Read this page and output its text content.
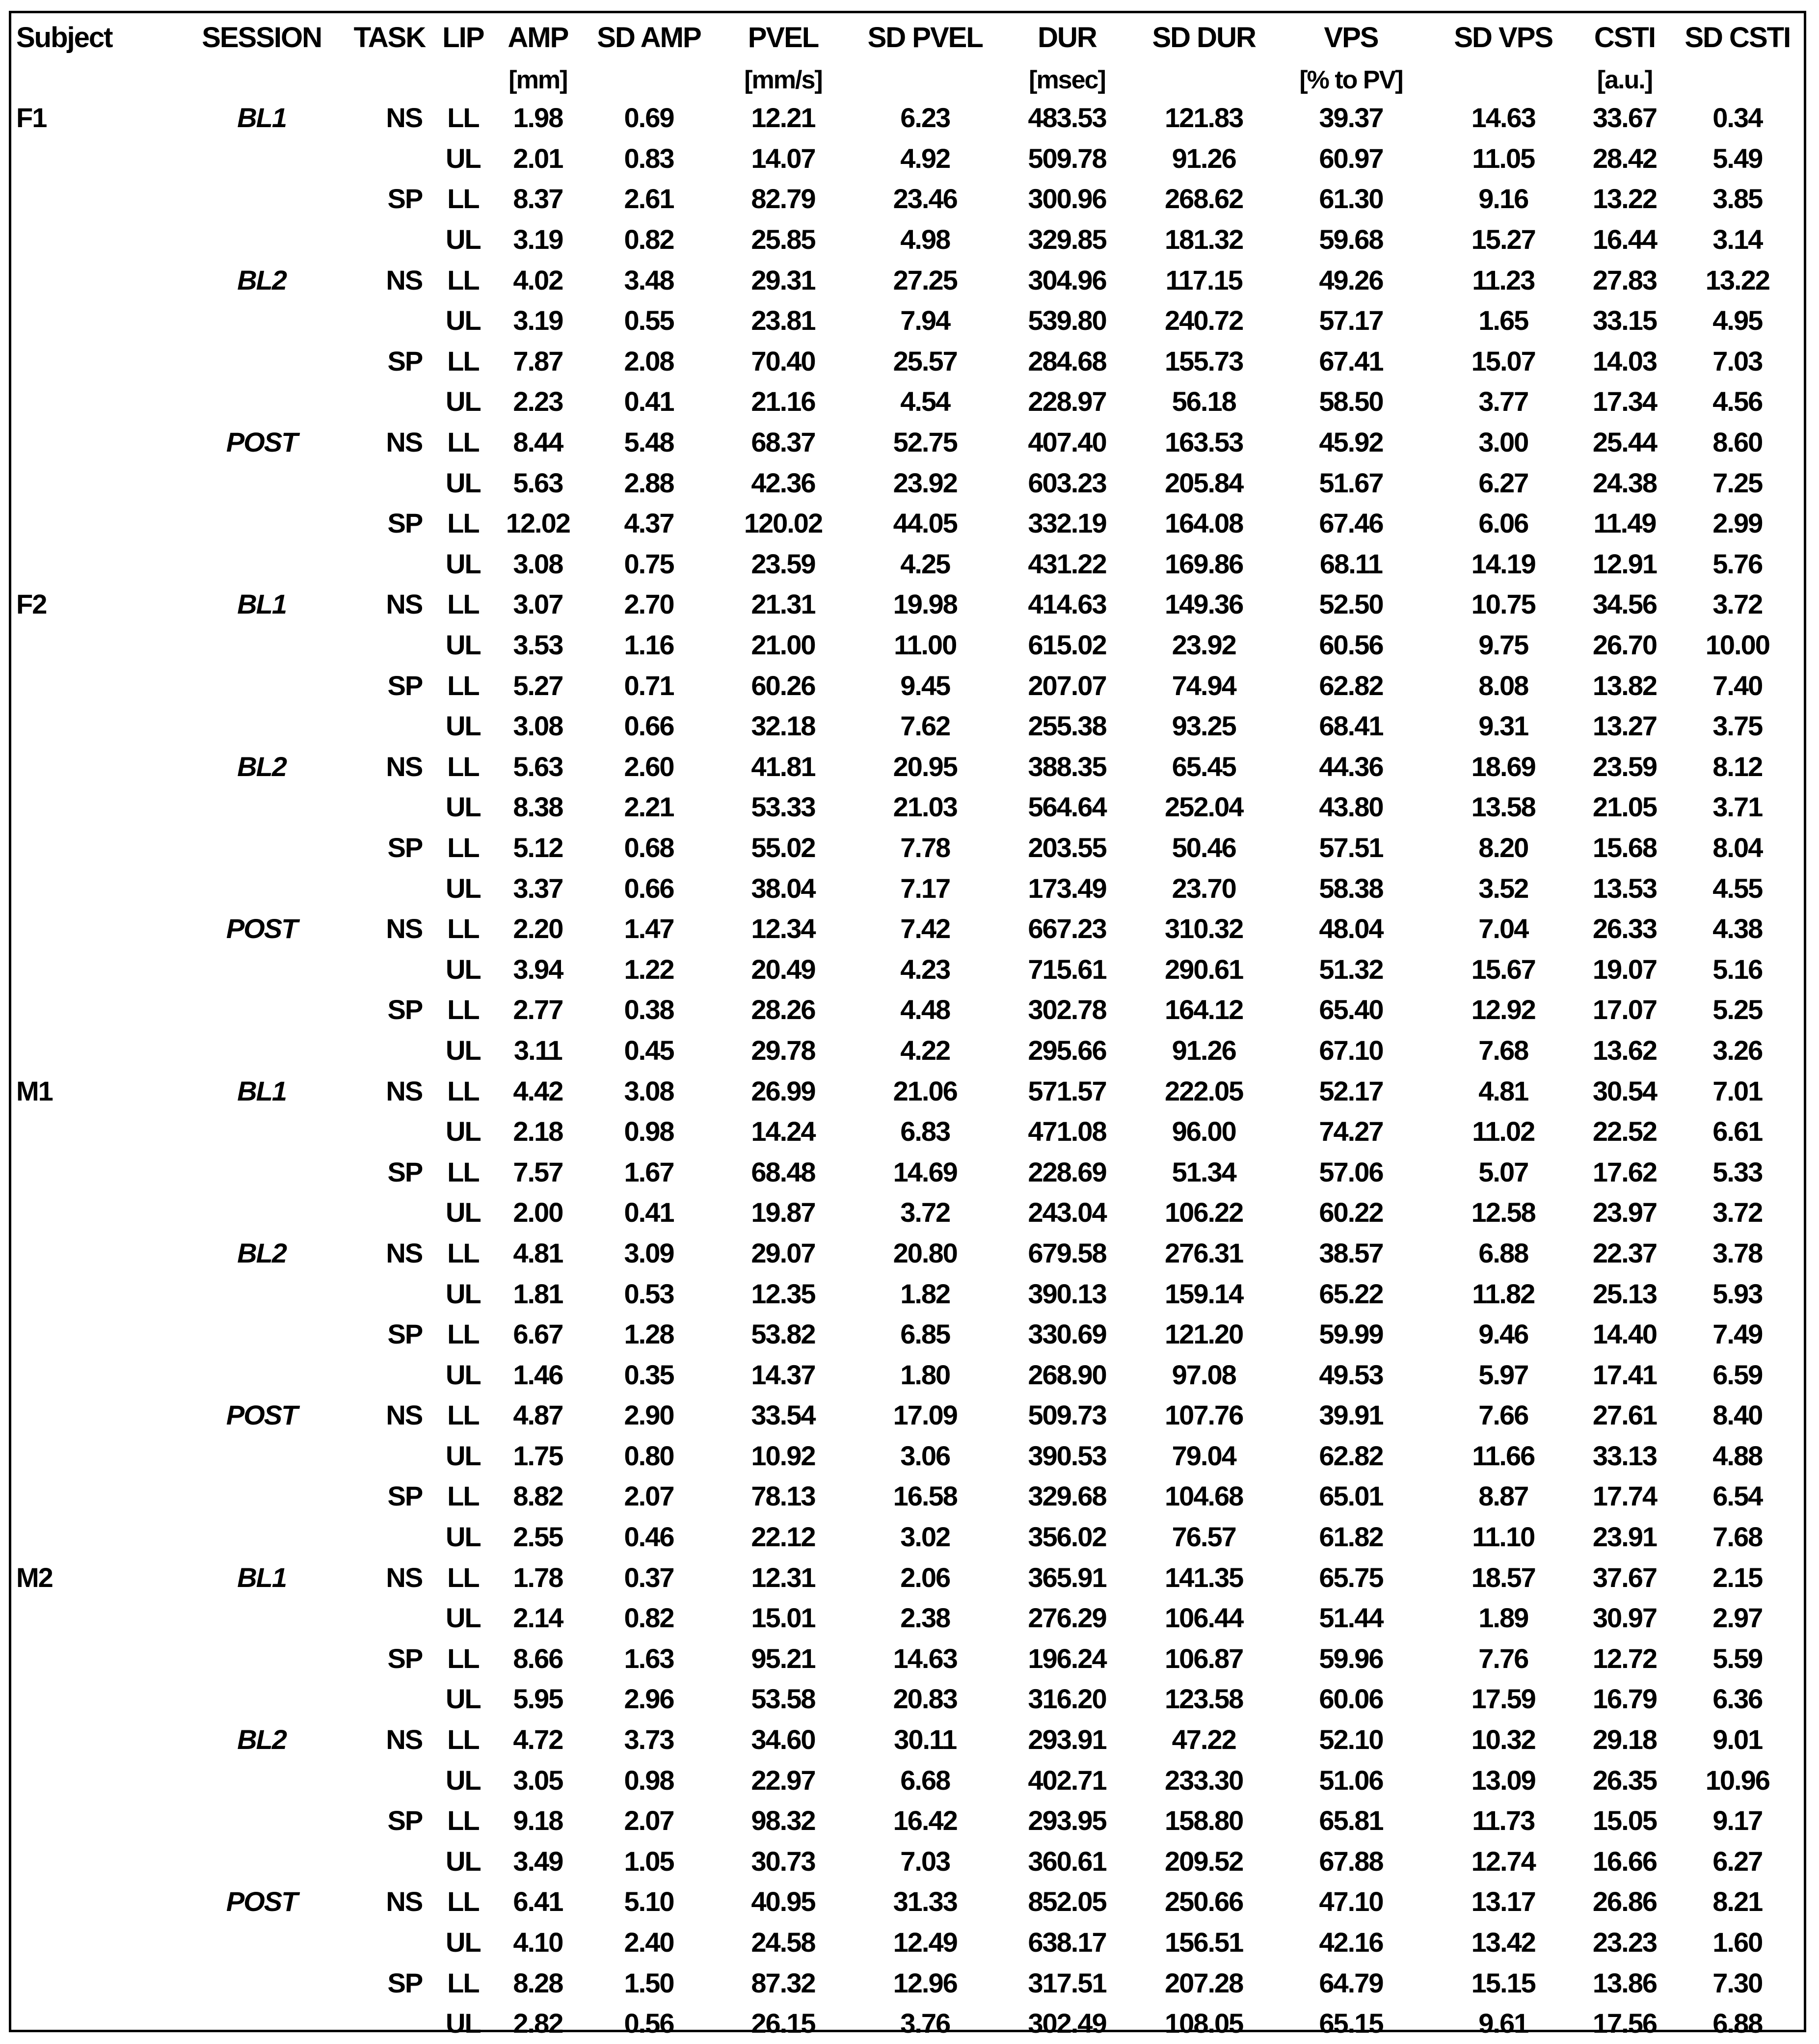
Subject	SESSION	TASK	LIP	AMP	SD AMP	PVEL	SD PVEL	DUR	SD DUR	VPS	SD VPS	CSTI	SD CSTI
				[mm]		[mm/s]		[msec]		[% to PV]		[a.u.]	
F1	BL1	NS	LL	1.98	0.69	12.21	6.23	483.53	121.83	39.37	14.63	33.67	0.34
			UL	2.01	0.83	14.07	4.92	509.78	91.26	60.97	11.05	28.42	5.49
		SP	LL	8.37	2.61	82.79	23.46	300.96	268.62	61.30	9.16	13.22	3.85
			UL	3.19	0.82	25.85	4.98	329.85	181.32	59.68	15.27	16.44	3.14
	BL2	NS	LL	4.02	3.48	29.31	27.25	304.96	117.15	49.26	11.23	27.83	13.22
			UL	3.19	0.55	23.81	7.94	539.80	240.72	57.17	1.65	33.15	4.95
		SP	LL	7.87	2.08	70.40	25.57	284.68	155.73	67.41	15.07	14.03	7.03
			UL	2.23	0.41	21.16	4.54	228.97	56.18	58.50	3.77	17.34	4.56
	POST	NS	LL	8.44	5.48	68.37	52.75	407.40	163.53	45.92	3.00	25.44	8.60
			UL	5.63	2.88	42.36	23.92	603.23	205.84	51.67	6.27	24.38	7.25
		SP	LL	12.02	4.37	120.02	44.05	332.19	164.08	67.46	6.06	11.49	2.99
			UL	3.08	0.75	23.59	4.25	431.22	169.86	68.11	14.19	12.91	5.76
F2	BL1	NS	LL	3.07	2.70	21.31	19.98	414.63	149.36	52.50	10.75	34.56	3.72
			UL	3.53	1.16	21.00	11.00	615.02	23.92	60.56	9.75	26.70	10.00
		SP	LL	5.27	0.71	60.26	9.45	207.07	74.94	62.82	8.08	13.82	7.40
			UL	3.08	0.66	32.18	7.62	255.38	93.25	68.41	9.31	13.27	3.75
	BL2	NS	LL	5.63	2.60	41.81	20.95	388.35	65.45	44.36	18.69	23.59	8.12
			UL	8.38	2.21	53.33	21.03	564.64	252.04	43.80	13.58	21.05	3.71
		SP	LL	5.12	0.68	55.02	7.78	203.55	50.46	57.51	8.20	15.68	8.04
			UL	3.37	0.66	38.04	7.17	173.49	23.70	58.38	3.52	13.53	4.55
	POST	NS	LL	2.20	1.47	12.34	7.42	667.23	310.32	48.04	7.04	26.33	4.38
			UL	3.94	1.22	20.49	4.23	715.61	290.61	51.32	15.67	19.07	5.16
		SP	LL	2.77	0.38	28.26	4.48	302.78	164.12	65.40	12.92	17.07	5.25
			UL	3.11	0.45	29.78	4.22	295.66	91.26	67.10	7.68	13.62	3.26
M1	BL1	NS	LL	4.42	3.08	26.99	21.06	571.57	222.05	52.17	4.81	30.54	7.01
			UL	2.18	0.98	14.24	6.83	471.08	96.00	74.27	11.02	22.52	6.61
		SP	LL	7.57	1.67	68.48	14.69	228.69	51.34	57.06	5.07	17.62	5.33
			UL	2.00	0.41	19.87	3.72	243.04	106.22	60.22	12.58	23.97	3.72
	BL2	NS	LL	4.81	3.09	29.07	20.80	679.58	276.31	38.57	6.88	22.37	3.78
			UL	1.81	0.53	12.35	1.82	390.13	159.14	65.22	11.82	25.13	5.93
		SP	LL	6.67	1.28	53.82	6.85	330.69	121.20	59.99	9.46	14.40	7.49
			UL	1.46	0.35	14.37	1.80	268.90	97.08	49.53	5.97	17.41	6.59
	POST	NS	LL	4.87	2.90	33.54	17.09	509.73	107.76	39.91	7.66	27.61	8.40
			UL	1.75	0.80	10.92	3.06	390.53	79.04	62.82	11.66	33.13	4.88
		SP	LL	8.82	2.07	78.13	16.58	329.68	104.68	65.01	8.87	17.74	6.54
			UL	2.55	0.46	22.12	3.02	356.02	76.57	61.82	11.10	23.91	7.68
M2	BL1	NS	LL	1.78	0.37	12.31	2.06	365.91	141.35	65.75	18.57	37.67	2.15
			UL	2.14	0.82	15.01	2.38	276.29	106.44	51.44	1.89	30.97	2.97
		SP	LL	8.66	1.63	95.21	14.63	196.24	106.87	59.96	7.76	12.72	5.59
			UL	5.95	2.96	53.58	20.83	316.20	123.58	60.06	17.59	16.79	6.36
	BL2	NS	LL	4.72	3.73	34.60	30.11	293.91	47.22	52.10	10.32	29.18	9.01
			UL	3.05	0.98	22.97	6.68	402.71	233.30	51.06	13.09	26.35	10.96
		SP	LL	9.18	2.07	98.32	16.42	293.95	158.80	65.81	11.73	15.05	9.17
			UL	3.49	1.05	30.73	7.03	360.61	209.52	67.88	12.74	16.66	6.27
	POST	NS	LL	6.41	5.10	40.95	31.33	852.05	250.66	47.10	13.17	26.86	8.21
			UL	4.10	2.40	24.58	12.49	638.17	156.51	42.16	13.42	23.23	1.60
		SP	LL	8.28	1.50	87.32	12.96	317.51	207.28	64.79	15.15	13.86	7.30
			UL	2.82	0.56	26.15	3.76	302.49	108.05	65.15	9.61	17.56	6.88
